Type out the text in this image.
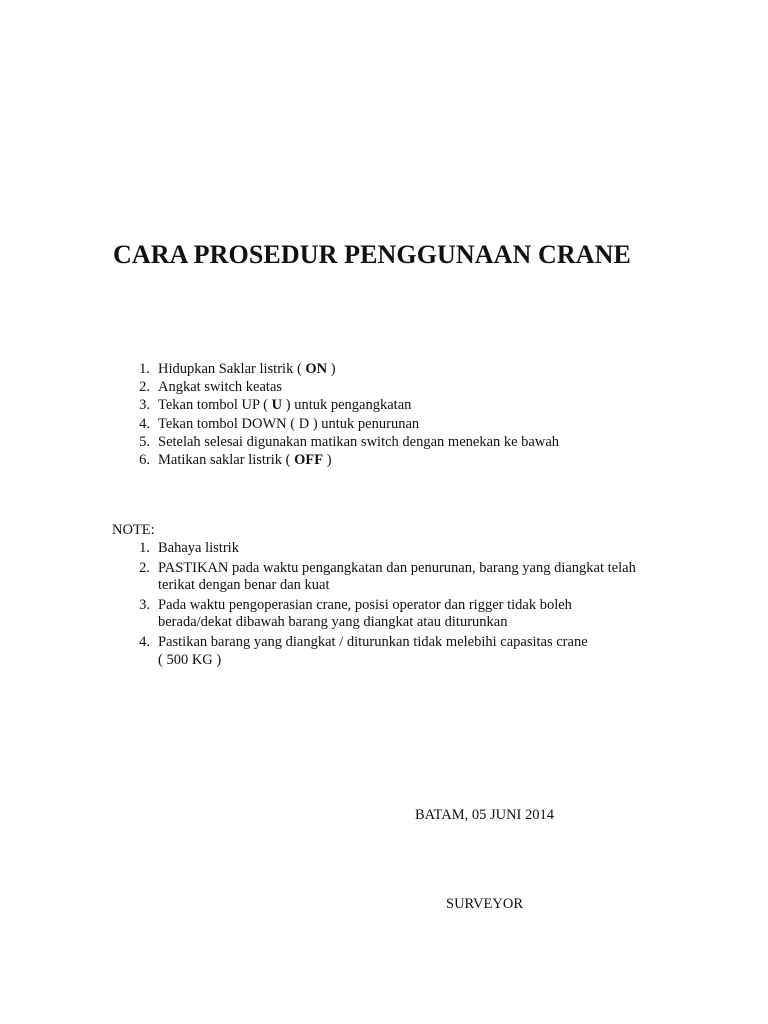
CARA PROSEDUR PENGGUNAAN CRANE
1. Hidupkan Saklar listrik ( ON )
2. Angkat switch keatas
3. Tekan tombol UP ( U ) untuk pengangkatan
4. Tekan tombol DOWN ( D ) untuk penurunan
5. Setelah selesai digunakan matikan switch dengan menekan ke bawah
6. Matikan saklar listrik ( OFF )
NOTE:
1. Bahaya listrik
2. PASTIKAN pada waktu pengangkatan dan penurunan, barang yang diangkat telah
terikat dengan benar dan kuat
3. Pada waktu pengoperasian crane, posisi operator dan rigger tidak boleh
berada/dekat dibawah barang yang diangkat atau diturunkan
4. Pastikan barang yang diangkat / diturunkan tidak melebihi capasitas crane
( 500 KG )
BATAM, 05 JUNI 2014
SURVEYOR
